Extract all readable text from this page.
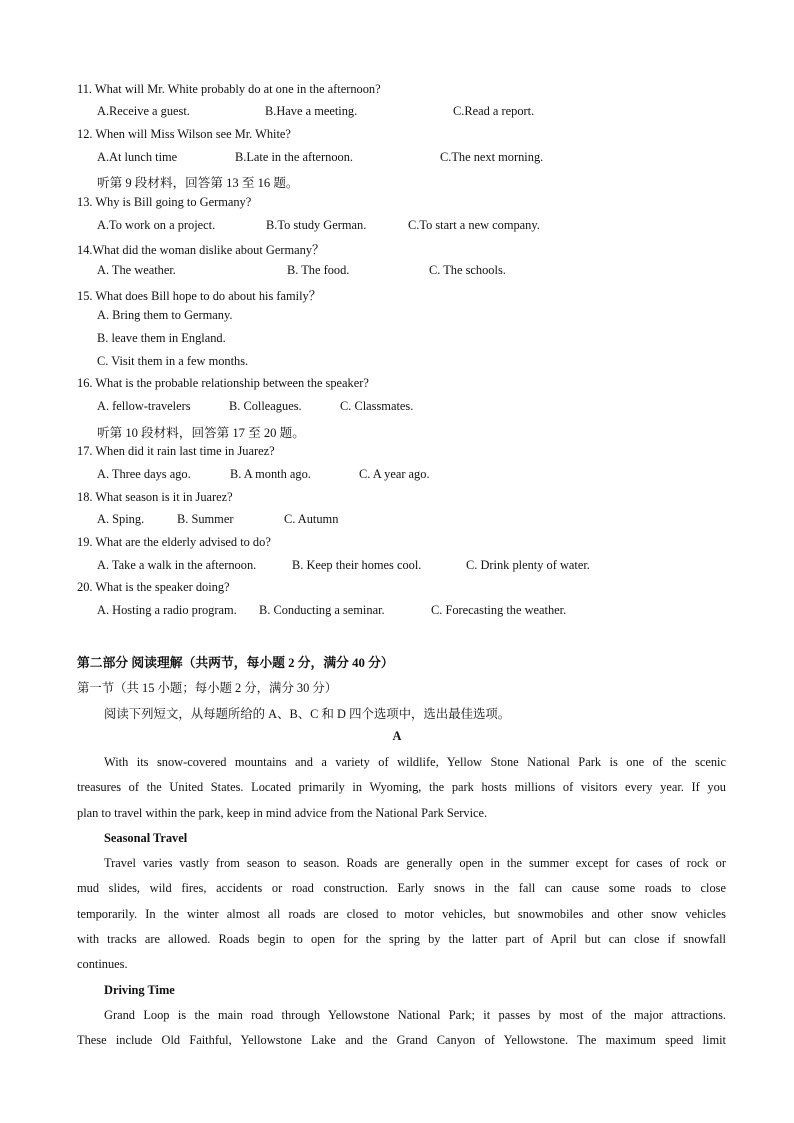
11. What will Mr. White probably do at one in the afternoon?
A.Receive a guest.	B.Have a meeting.	C.Read a report.
12. When will Miss Wilson see Mr. White?
A.At lunch time	B.Late in the afternoon.	C.The next morning.
听第 9 段材料，回答第 13 至 16 题。
13. Why is Bill going to Germany?
A.To work on a project.	B.To study German.	C.To start a new company.
14.What did the woman dislike about Germany？
A. The weather.	B. The food.	C. The schools.
15. What does Bill hope to do about his family？
A. Bring them to Germany.
B. leave them in England.
C. Visit them in a few months.
16. What is the probable relationship between the speaker?
A. fellow-travelers	B. Colleagues.	C. Classmates.
听第 10 段材料，回答第 17 至 20 题。
17. When did it rain last time in Juarez?
A. Three days ago.	B. A month ago.	C. A year ago.
18. What season is it in Juarez?
A. Sping.	B. Summer	C. Autumn
19. What are the elderly advised to do?
A. Take a walk in the afternoon.	B. Keep their homes cool.	C. Drink plenty of water.
20. What is the speaker doing?
A. Hosting a radio program. B. Conducting a seminar.	C. Forecasting the weather.
第二部分 阅读理解（共两节，每小题 2 分，满分 40 分）
第一节（共 15 小题；每小题 2 分，满分 30 分）
阅读下列短文，从每题所给的 A、B、C 和 D 四个选项中，选出最佳选项。
A
With its snow-covered mountains and a variety of wildlife, Yellow Stone National Park is one of the scenic
treasures of the United States. Located primarily in Wyoming, the park hosts millions of visitors every year. If you
plan to travel within the park, keep in mind advice from the National Park Service.
Seasonal Travel
Travel varies vastly from season to season. Roads are generally open in the summer except for cases of rock or
mud slides, wild fires, accidents or road construction. Early snows in the fall can cause some roads to close
temporarily. In the winter almost all roads are closed to motor vehicles, but snowmobiles and other snow vehicles
with tracks are allowed. Roads begin to open for the spring by the latter part of April but can close if snowfall
continues.
Driving Time
Grand Loop is the main road through Yellowstone National Park; it passes by most of the major attractions.
These include Old Faithful, Yellowstone Lake and the Grand Canyon of Yellowstone. The maximum speed limit
